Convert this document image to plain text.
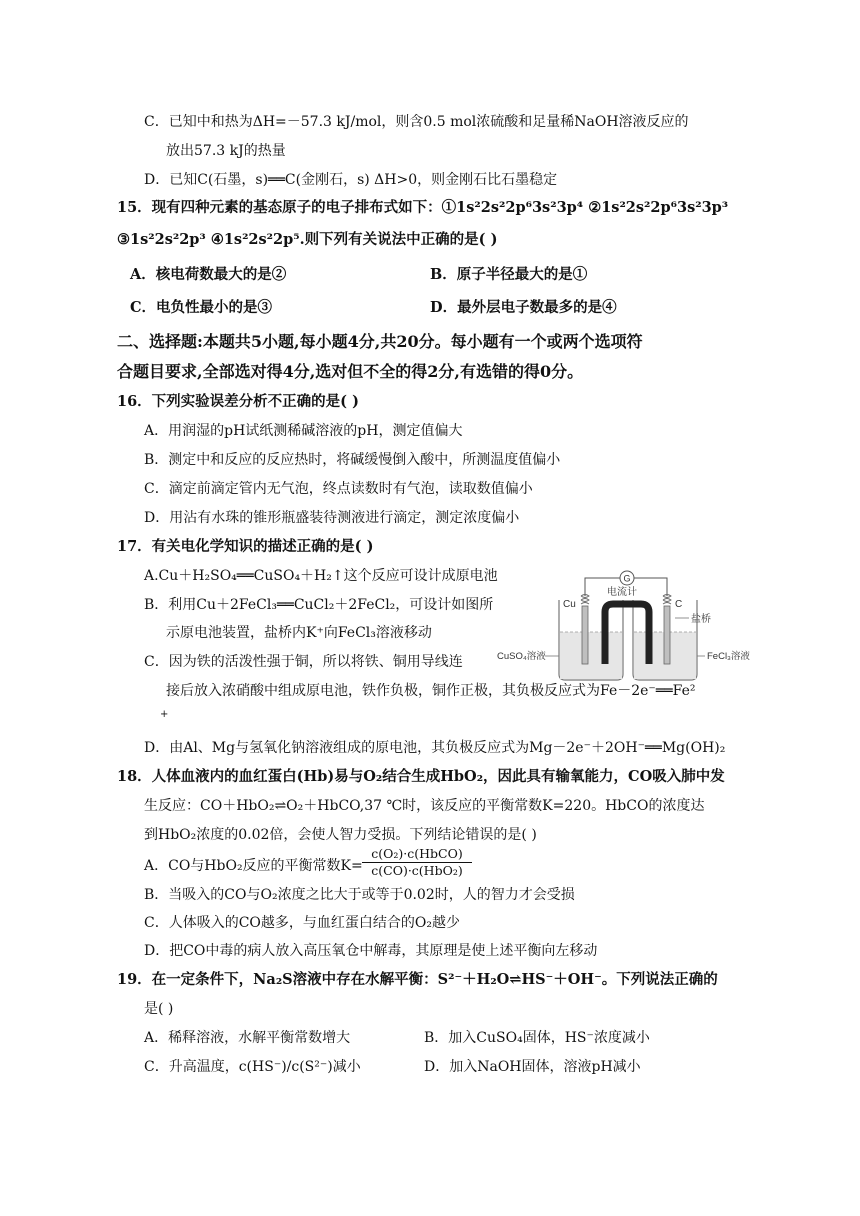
C．已知中和热为ΔH=－57.3 kJ/mol，则含0.5 mol浓硫酸和足量稀NaOH溶液反应的
放出57.3 kJ的热量
D．已知C(石墨，s)══C(金刚石，s) ΔH>0，则金刚石比石墨稳定
15．现有四种元素的基态原子的电子排布式如下：①1s²2s²2p⁶3s²3p⁴ ②1s²2s²2p⁶3s²3p³
③1s²2s²2p³ ④1s²2s²2p⁵.则下列有关说法中正确的是( )
A．核电荷数最大的是②	B．原子半径最大的是①
C．电负性最小的是③	D．最外层电子数最多的是④
二、选择题:本题共5小题,每小题4分,共20分。每小题有一个或两个选项符
合题目要求,全部选对得4分,选对但不全的得2分,有选错的得0分。
16．下列实验误差分析不正确的是( )
A．用润湿的pH试纸测稀碱溶液的pH，测定值偏大
B．测定中和反应的反应热时，将碱缓慢倒入酸中，所测温度值偏小
C．滴定前滴定管内无气泡，终点读数时有气泡，读取数值偏小
D．用沾有水珠的锥形瓶盛装待测液进行滴定，测定浓度偏小
17．有关电化学知识的描述正确的是( )
A.Cu＋H₂SO₄══CuSO₄＋H₂↑这个反应可设计成原电池
B．利用Cu＋2FeCl₃══CuCl₂＋2FeCl₂，可设计如图所
示原电池装置，盐桥内K⁺向FeCl₃溶液移动
C．因为铁的活泼性强于铜，所以将铁、铜用导线连
接后放入浓硝酸中组成原电池，铁作负极，铜作正极，其负极反应式为Fe－2e⁻══Fe²
+
D．由Al、Mg与氢氧化钠溶液组成的原电池，其负极反应式为Mg－2e⁻＋2OH⁻══Mg(OH)₂
G
电流计
Cu	C
盐桥
CuSO₄溶液	FeCl₃溶液
18．人体血液内的血红蛋白(Hb)易与O₂结合生成HbO₂，因此具有输氧能力，CO吸入肺中发
生反应：CO＋HbO₂⇌O₂＋HbCO,37 ℃时，该反应的平衡常数K=220。HbCO的浓度达
到HbO₂浓度的0.02倍，会使人智力受损。下列结论错误的是( )
A．CO与HbO₂反应的平衡常数K=
c(O₂)·c(HbCO)
c(CO)·c(HbO₂)
B．当吸入的CO与O₂浓度之比大于或等于0.02时，人的智力才会受损
C．人体吸入的CO越多，与血红蛋白结合的O₂越少
D．把CO中毒的病人放入高压氧仓中解毒，其原理是使上述平衡向左移动
19．在一定条件下，Na₂S溶液中存在水解平衡：S²⁻＋H₂O⇌HS⁻＋OH⁻。下列说法正确的
是( )
A．稀释溶液，水解平衡常数增大	B．加入CuSO₄固体，HS⁻浓度减小
C．升高温度，c(HS⁻)/c(S²⁻)减小	D．加入NaOH固体，溶液pH减小
